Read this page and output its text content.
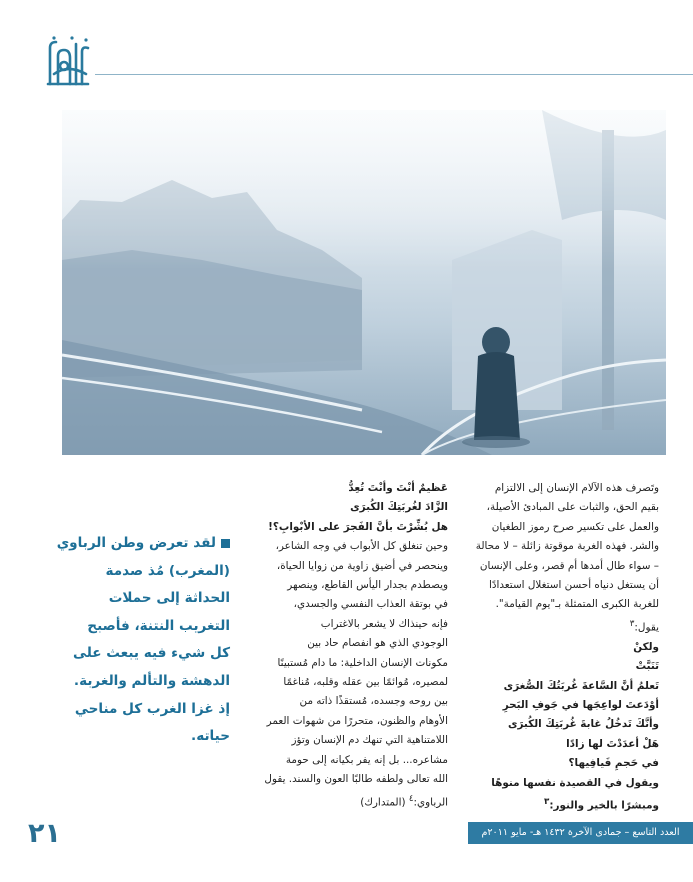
وتَصرف هذه الآلام الإنسان إلى الالتزام

بقيم الحق، والثبات على المبادئ الأصيلة،

والعمل على تكسير صرح رموز الطغيان

والشر. فهذه الغربة موقوتة زائلة – لا محالة

– سواء طال أمدها أم قصر، وعلى الإنسان

أن يستغل دنياه أحسن استغلال استعدادًا

للغربة الكبرى المتمثلة بـ"يوم القيامة".

يقول:$^٣$

ولكنْ

تَنَبَّتْ

تَعلمُ أنَّ السَّاعةَ غُربَتُكَ الصُّغرَى

أوْدَعتَ لواعِجَها في جَوفِ البَحرِ

وأنَّكَ تَدخُلُ غابةَ غُربَتِكَ الكُبرَى

هَلْ أعدَدْتَ لها زادًا

في حَجمِ فَيافِيها؟

ويقول في القصيدة نفسها منوهًا ومبشرًا بالخير والنور:$^٣$

عَظيمٌ أنْتَ وأنْتَ تُعِدُّ

الزَّادَ لغُربَتِكَ الكُبرَى

هل بُشِّرْتَ بأنَّ الفَجرَ على الأبْوابِ؟!

وحين تنغلق كل الأبواب في وجه الشاعر،

وينحصر في أضيق زاوية من زوايا الحياة،

ويصطدم بجدار اليأس القاطع، وينصهر

في بوتقة العذاب النفسي والجسدي،

فإنه حينذاك لا يشعر بالاغتراب

الوجودي الذي هو انفصام حاد بين

مكونات الإنسان الداخلية: ما دام مُستبينًا

لمصيره، مُوائمًا بين عقله وقلبه، مُناغمًا

بين روحه وجسده، مُستقذًا ذاته من

الأوهام والظنون، متحررًا من شهوات العمر

اللامتناهية التي تنهك دم الإنسان وتؤز

مشاعره... بل إنه يفر بكيانه إلى حومة

الله تعالى ولطفه طالبًا العون والسند. يقول

الرباوي:$^٤$ (المتدارك)

لقد تعرض وطن الرباوي
(المغرب) مُذ صدمة
الحداثة إلى حملات
التغريب النتنة، فأصبح
كل شيء فيه يبعث على
الدهشة والتألم والغربة.
إذ غزا الغرب كل مناحي
حياته.
٢١	العدد التاسع – جمادى الآخرة ١٤٣٢ هـ- مايو ٢٠١١م
